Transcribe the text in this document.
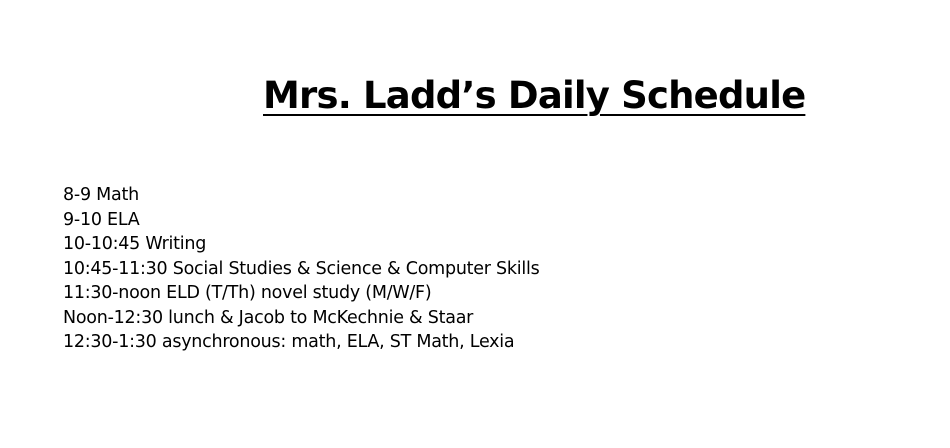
Mrs. Ladd’s Daily Schedule
8-9 Math
9-10 ELA
10-10:45 Writing
10:45-11:30 Social Studies & Science & Computer Skills
11:30-noon ELD (T/Th) novel study (M/W/F)
Noon-12:30 lunch & Jacob to McKechnie & Staar
12:30-1:30 asynchronous: math, ELA, ST Math, Lexia
